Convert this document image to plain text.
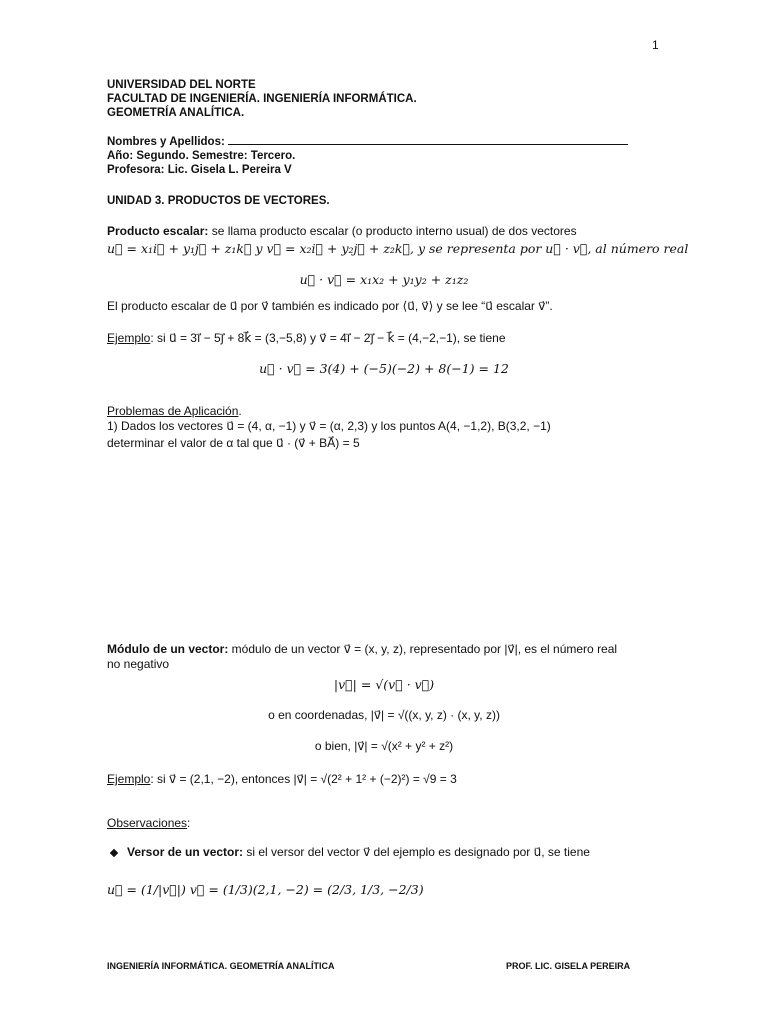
1
UNIVERSIDAD DEL NORTE
FACULTAD DE INGENIERÍA. INGENIERÍA INFORMÁTICA.
GEOMETRÍA ANALÍTICA.
Nombres y Apellidos:
Año: Segundo. Semestre: Tercero.
Profesora: Lic. Gisela L. Pereira V
UNIDAD 3. PRODUCTOS DE VECTORES.
Producto escalar: se llama producto escalar (o producto interno usual) de dos vectores
u⃗ = x₁i⃗ + y₁j⃗ + z₁k⃗ y v⃗ = x₂i⃗ + y₂j⃗ + z₂k⃗, y se representa por u⃗ · v⃗, al número real
u⃗ · v⃗ = x₁x₂ + y₁y₂ + z₁z₂
El producto escalar de u⃗ por v⃗ también es indicado por ⟨u⃗, v⃗⟩ y se lee “u⃗ escalar v⃗”.
Ejemplo: si u⃗ = 3i⃗ − 5j⃗ + 8k⃗ = (3,−5,8) y v⃗ = 4i⃗ − 2j⃗ − k⃗ = (4,−2,−1), se tiene
u⃗ · v⃗ = 3(4) + (−5)(−2) + 8(−1) = 12
Problemas de Aplicación.
1) Dados los vectores u⃗ = (4, α, −1) y v⃗ = (α, 2,3) y los puntos A(4, −1,2), B(3,2, −1)
determinar el valor de α tal que u⃗ · (v⃗ + BA⃗) = 5
Módulo de un vector: módulo de un vector v⃗ = (x, y, z), representado por |v⃗|, es el número real
no negativo
|v⃗| = √(v⃗ · v⃗)
o en coordenadas, |v⃗| = √((x, y, z) · (x, y, z))
o bien, |v⃗| = √(x² + y² + z²)
Ejemplo: si v⃗ = (2,1, −2), entonces |v⃗| = √(2² + 1² + (−2)²) = √9 = 3
Observaciones:
Versor de un vector: si el versor del vector v⃗ del ejemplo es designado por u⃗, se tiene
u⃗ = (1/|v⃗|) v⃗ = (1/3)(2,1, −2) = (2/3, 1/3, −2/3)
INGENIERÍA INFORMÁTICA. GEOMETRÍA ANALÍTICA	PROF. LIC. GISELA PEREIRA
